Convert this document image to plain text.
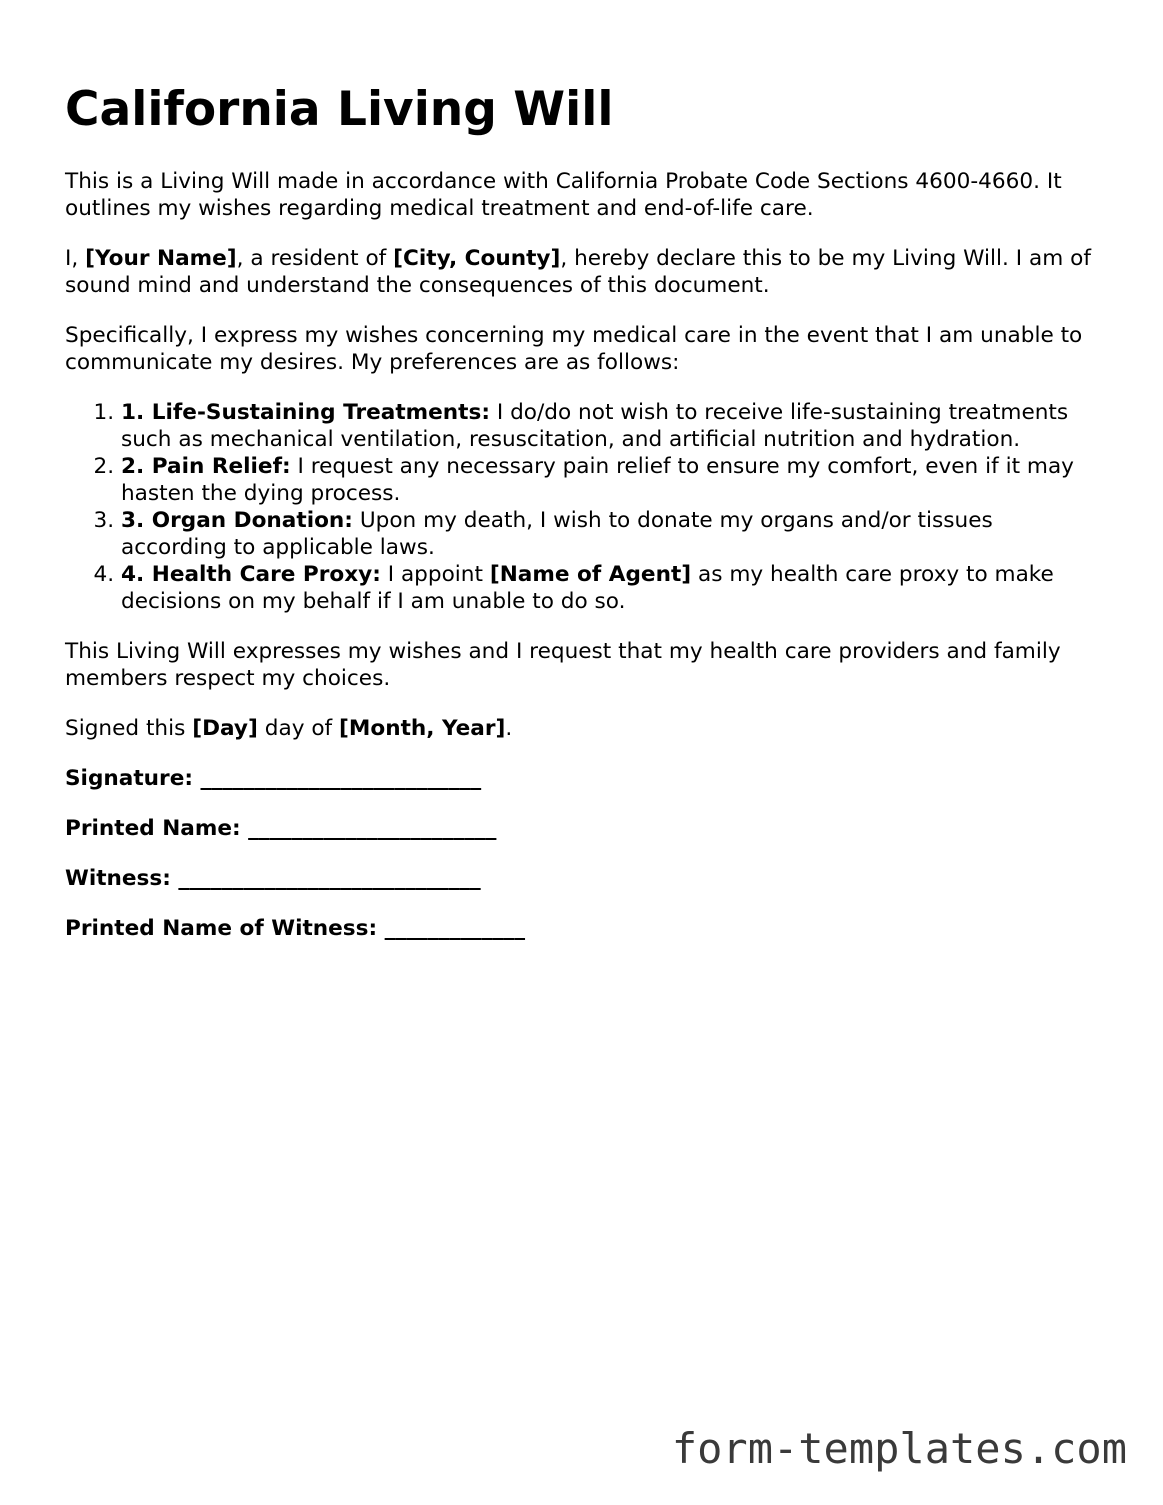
California Living Will

This is a Living Will made in accordance with California Probate Code Sections 4600-4660. It outlines my wishes regarding medical treatment and end-of-life care.

I, [Your Name], a resident of [City, County], hereby declare this to be my Living Will. I am of sound mind and understand the consequences of this document.

Specifically, I express my wishes concerning my medical care in the event that I am unable to communicate my desires. My preferences are as follows:

1. 1. Life-Sustaining Treatments: I do/do not wish to receive life-sustaining treatments such as mechanical ventilation, resuscitation, and artificial nutrition and hydration.
2. 2. Pain Relief: I request any necessary pain relief to ensure my comfort, even if it may hasten the dying process.
3. 3. Organ Donation: Upon my death, I wish to donate my organs and/or tissues according to applicable laws.
4. 4. Health Care Proxy: I appoint [Name of Agent] as my health care proxy to make decisions on my behalf if I am unable to do so.

This Living Will expresses my wishes and I request that my health care providers and family members respect my choices.

Signed this [Day] day of [Month, Year].

Signature: __________________________

Printed Name: _______________________

Witness: ____________________________

Printed Name of Witness: _____________

form-templates.com
